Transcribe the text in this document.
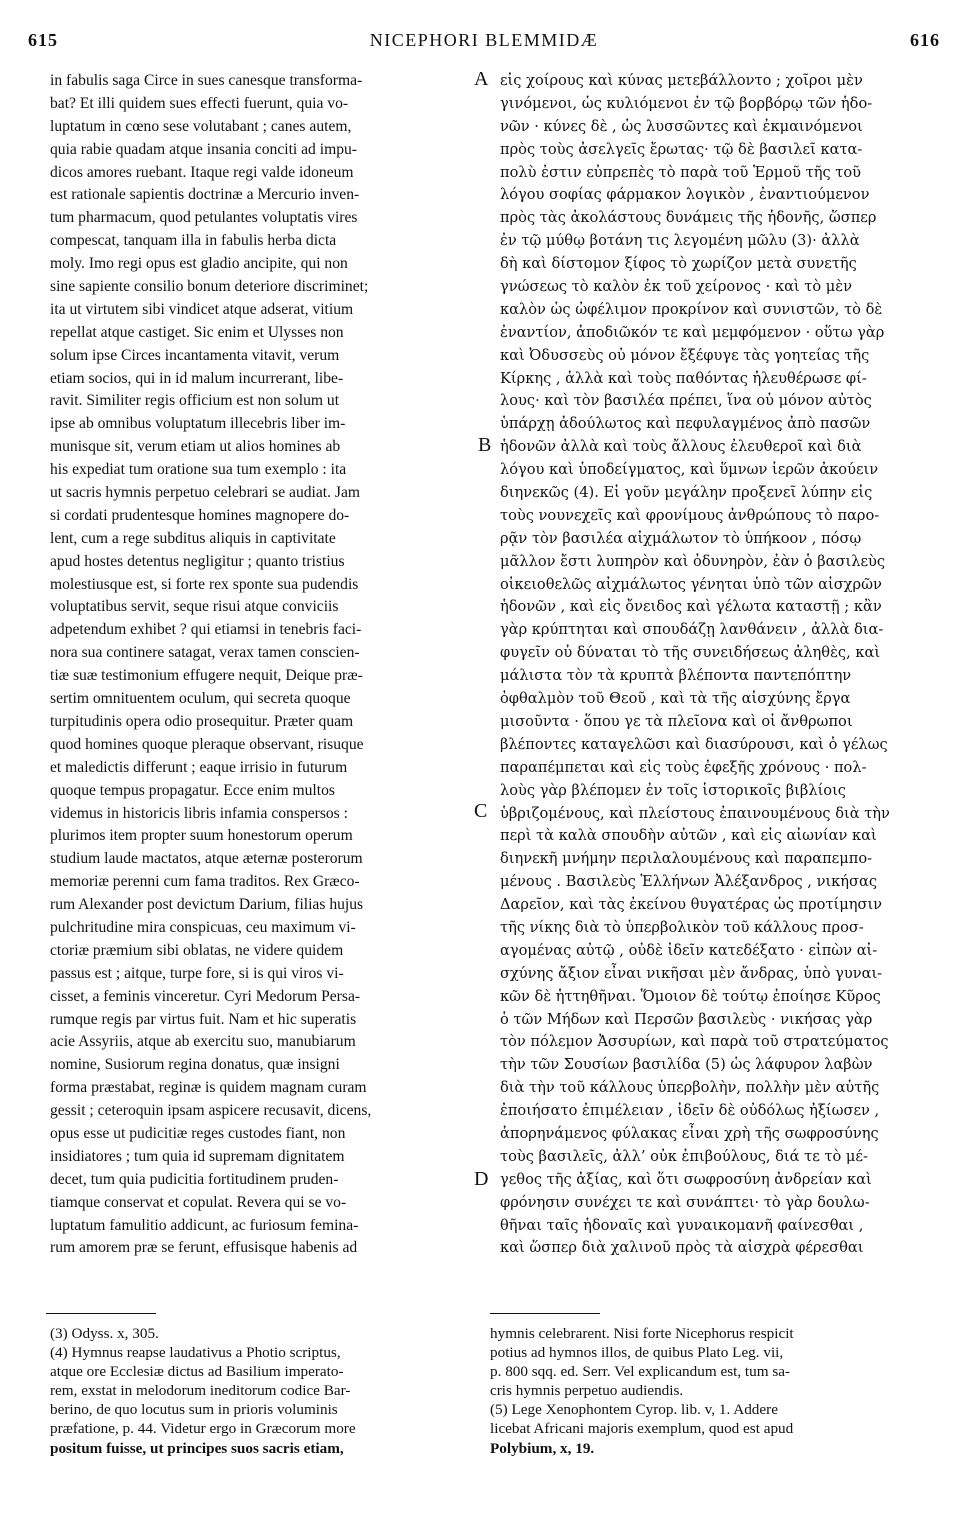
615	NICEPHORI BLEMMIDÆ	616
in fabulis saga Circe in sues canesque transforma-
bat? Et illi quidem sues effecti fuerunt, quia vo-
luptatum in cœno sese volutabant ; canes autem,
quia rabie quadam atque insania conciti ad impu-
dicos amores ruebant. Itaque regi valde idoneum
est rationale sapientis doctrinæ a Mercurio inven-
tum pharmacum, quod petulantes voluptatis vires
compescat, tanquam illa in fabulis herba dicta
moly. Imo regi opus est gladio ancipite, qui non
sine sapiente consilio bonum deteriore discriminet;
ita ut virtutem sibi vindicet atque adserat, vitium
repellat atque castiget. Sic enim et Ulysses non
solum ipse Circes incantamenta vitavit, verum
etiam socios, qui in id malum incurrerant, libe-
ravit. Similiter regis officium est non solum ut
ipse ab omnibus voluptatum illecebris liber im-
munisque sit, verum etiam ut alios homines ab
his expediat tum oratione sua tum exemplo : ita
ut sacris hymnis perpetuo celebrari se audiat. Jam
si cordati prudentesque homines magnopere do-
lent, cum a rege subditus aliquis in captivitate
apud hostes detentus negligitur ; quanto tristius
molestiusque est, si forte rex sponte sua pudendis
voluptatibus servit, seque risui atque conviciis
adpetendum exhibet ? qui etiamsi in tenebris faci-
nora sua continere satagat, verax tamen conscien-
tiæ suæ testimonium effugere nequit, Deique præ-
sertim omnituentem oculum, qui secreta quoque
turpitudinis opera odio prosequitur. Præter quam
quod homines quoque pleraque observant, risuque
et maledictis differunt ; eaque irrisio in futurum
quoque tempus propagatur. Ecce enim multos
videmus in historicis libris infamia conspersos :
plurimos item propter suum honestorum operum
studium laude mactatos, atque æternæ posterorum
memoriæ perenni cum fama traditos. Rex Græco-
rum Alexander post devictum Darium, filias hujus
pulchritudine mira conspicuas, ceu maximum vi-
ctoriæ præmium sibi oblatas, ne videre quidem
passus est ; aitque, turpe fore, si is qui viros vi-
cisset, a feminis vinceretur. Cyri Medorum Persa-
rumque regis par virtus fuit. Nam et hic superatis
acie Assyriis, atque ab exercitu suo, manubiarum
nomine, Susiorum regina donatus, quæ insigni
forma præstabat, reginæ is quidem magnam curam
gessit ; ceteroquin ipsam aspicere recusavit, dicens,
opus esse ut pudicitiæ reges custodes fiant, non
insidiatores ; tum quia id supremam dignitatem
decet, tum quia pudicitia fortitudinem pruden-
tiamque conservat et copulat. Revera qui se vo-
luptatum famulitio addicunt, ac furiosum femina-
rum amorem præ se ferunt, effusisque habenis ad
εἰς χοίρους καὶ κύνας μετεβάλλοντο ; χοῖροι μὲν
γινόμενοι, ὡς κυλιόμενοι ἐν τῷ βορβόρῳ τῶν ἡδο-
νῶν · κύνες δὲ , ὡς λυσσῶντες καὶ ἐκμαινόμενοι
πρὸς τοὺς ἀσελγεῖς ἔρωτας· τῷ δὲ βασιλεῖ κατα-
πολὺ ἐστιν εὐπρεπὲς τὸ παρὰ τοῦ Ἑρμοῦ τῆς τοῦ
λόγου σοφίας φάρμακον λογικὸν , ἐναντιούμενον
πρὸς τὰς ἀκολάστους δυνάμεις τῆς ἡδονῆς, ὥσπερ
ἐν τῷ μύθῳ βοτάνη τις λεγομένη μῶλυ (3)· ἀλλὰ
δὴ καὶ δίστομον ξίφος τὸ χωρίζον μετὰ συνετῆς
γνώσεως τὸ καλὸν ἐκ τοῦ χείρονος · καὶ τὸ μὲν
καλὸν ὡς ὠφέλιμον προκρίνον καὶ συνιστῶν, τὸ δὲ
ἐναντίον, ἀποδιῶκόν τε καὶ μεμφόμενον · οὕτω γὰρ
καὶ Ὀδυσσεὺς οὐ μόνον ἔξέφυγε τὰς γοητείας τῆς
Κίρκης , ἀλλὰ καὶ τοὺς παθόντας ἠλευθέρωσε φί-
λους· καὶ τὸν βασιλέα πρέπει, ἵνα οὐ μόνον αὐτὸς
ὑπάρχῃ ἀδούλωτος καὶ πεφυλαγμένος ἀπὸ πασῶν
ἡδονῶν ἀλλὰ καὶ τοὺς ἄλλους ἐλευθεροῖ καὶ διὰ
λόγου καὶ ὑποδείγματος, καὶ ὕμνων ἱερῶν ἀκούειν
διηνεκῶς (4). Εἰ γοῦν μεγάλην προξενεῖ λύπην εἰς
τοὺς νουνεχεῖς καὶ φρονίμους ἀνθρώπους τὸ παρο-
ρᾷν τὸν βασιλέα αἰχμάλωτον τὸ ὑπήκοον , πόσῳ
μᾶλλον ἔστι λυπηρὸν καὶ ὀδυνηρὸν, ἐὰν ὁ βασιλεὺς
οἰκειοθελῶς αἰχμάλωτος γένηται ὑπὸ τῶν αἰσχρῶν
ἡδονῶν , καὶ εἰς ὄνειδος καὶ γέλωτα καταστῇ ; κἂν
γὰρ κρύπτηται καὶ σπουδάζῃ λανθάνειν , ἀλλὰ δια-
φυγεῖν οὐ δύναται τὸ τῆς συνειδήσεως ἀληθὲς, καὶ
μάλιστα τὸν τὰ κρυπτὰ βλέποντα παντεπόπτην
ὀφθαλμὸν τοῦ Θεοῦ , καὶ τὰ τῆς αἰσχύνης ἔργα
μισοῦντα · ὅπου γε τὰ πλεῖονα καὶ οἱ ἄνθρωποι
βλέποντες καταγελῶσι καὶ διασύρουσι, καὶ ὁ γέλως
παραπέμπεται καὶ εἰς τοὺς ἐφεξῆς χρόνους · πολ-
λοὺς γὰρ βλέπομεν ἐν τοῖς ἱστορικοῖς βιβλίοις
ὑβριζομένους, καὶ πλείστους ἐπαινουμένους διὰ τὴν
περὶ τὰ καλὰ σπουδὴν αὐτῶν , καὶ εἰς αἰωνίαν καὶ
διηνεκῆ μνήμην περιλαλουμένους καὶ παραπεμπο-
μένους . Βασιλεὺς Ἑλλήνων Ἀλέξανδρος , νικήσας
Δαρεῖον, καὶ τὰς ἐκείνου θυγατέρας ὡς προτίμησιν
τῆς νίκης διὰ τὸ ὑπερβολικὸν τοῦ κάλλους προσ-
αγομένας αὐτῷ , οὐδὲ ἰδεῖν κατεδέξατο · εἰπὼν αἰ-
σχύνης ἄξιον εἶναι νικῆσαι μὲν ἄνδρας, ὑπὸ γυναι-
κῶν δὲ ἡττηθῆναι. Ὅμοιον δὲ τούτῳ ἐποίησε Κῦρος
ὁ τῶν Μήδων καὶ Περσῶν βασιλεὺς · νικήσας γὰρ
τὸν πόλεμον Ἀσσυρίων, καὶ παρὰ τοῦ στρατεύματος
τὴν τῶν Σουσίων βασιλίδα (5) ὡς λάφυρον λαβὼν
διὰ τὴν τοῦ κάλλους ὑπερβολὴν, πολλὴν μὲν αὐτῆς
ἐποιήσατο ἐπιμέλειαν , ἰδεῖν δὲ οὐδόλως ἠξίωσεν ,
ἀπορηνάμενος φύλακας εἶναι χρὴ τῆς σωφροσύνης
τοὺς βασιλεῖς, ἀλλ’ οὐκ ἐπιβούλους, διά τε τὸ μέ-
γεθος τῆς ἀξίας, καὶ ὅτι σωφροσύνη ἀνδρείαν καὶ
φρόνησιν συνέχει τε καὶ συνάπτει· τὸ γὰρ δουλω-
θῆναι ταῖς ἡδοναῖς καὶ γυναικομανῆ φαίνεσθαι ,
καὶ ὥσπερ διὰ χαλινοῦ πρὸς τὰ αἰσχρὰ φέρεσθαι
A
B
C
D
(3) Odyss. x, 305.
(4) Hymnus reapse laudativus a Photio scriptus,
atque ore Ecclesiæ dictus ad Basilium imperato-
rem, exstat in melodorum ineditorum codice Bar-
berino, de quo locutus sum in prioris voluminis
præfatione, p. 44. Videtur ergo in Græcorum more
positum fuisse, ut principes suos sacris etiam,
hymnis celebrarent. Nisi forte Nicephorus respicit
potius ad hymnos illos, de quibus Plato Leg. vii,
p. 800 sqq. ed. Serr. Vel explicandum est, tum sa-
cris hymnis perpetuo audiendis.
(5) Lege Xenophontem Cyrop. lib. v, 1. Addere
licebat Africani majoris exemplum, quod est apud
Polybium, x, 19.
